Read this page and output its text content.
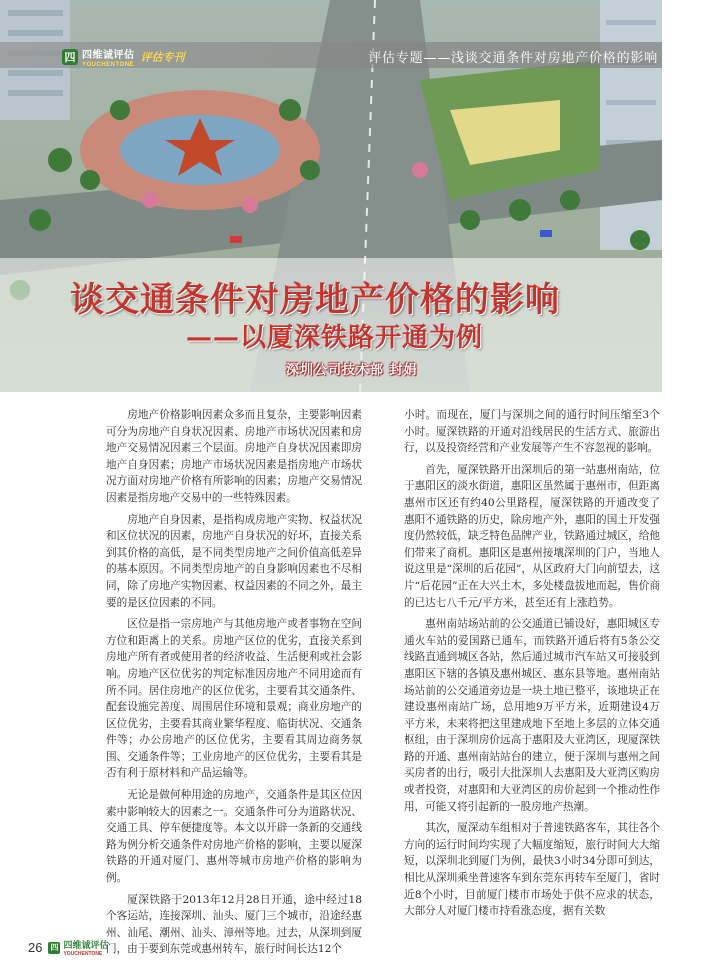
四 四维诚评估
YOUCHENTONE
评估专刊	评估专题——浅谈交通条件对房地产价格的影响
谈交通条件对房地产价格的影响
——以厦深铁路开通为例
深圳公司技术部 封娟

房地产价格影响因素众多而且复杂，主要影响因素可分为房地产自身状况因素、房地产市场状况因素和房地产交易情况因素三个层面。房地产自身状况因素即房地产自身因素；房地产市场状况因素是指房地产市场状况方面对房地产价格有所影响的因素；房地产交易情况因素是指房地产交易中的一些特殊因素。

房地产自身因素，是指构成房地产实物、权益状况和区位状况的因素，房地产自身状况的好坏，直接关系到其价格的高低，是不同类型房地产之间价值高低差异的基本原因。不同类型房地产的自身影响因素也不尽相同，除了房地产实物因素、权益因素的不同之外，最主要的是区位因素的不同。

区位是指一宗房地产与其他房地产或者事物在空间方位和距离上的关系。房地产区位的优劣，直接关系到房地产所有者或使用者的经济收益、生活便利或社会影响。房地产区位优劣的判定标准因房地产不同用途而有所不同。居住房地产的区位优劣，主要看其交通条件、配套设施完善度、周围居住环境和景观；商业房地产的区位优劣，主要看其商业繁华程度、临街状况、交通条件等；办公房地产的区位优劣，主要看其周边商务氛围、交通条件等；工业房地产的区位优劣，主要看其是否有利于原材料和产品运输等。

无论是做何种用途的房地产，交通条件是其区位因素中影响较大的因素之一。交通条件可分为道路状况、交通工具、停车便捷度等。本文以开辟一条新的交通线路为例分析交通条件对房地产价格的影响，主要以厦深铁路的开通对厦门、惠州等城市房地产价格的影响为例。

厦深铁路于2013年12月28日开通，途中经过18个客运站，连接深圳、汕头、厦门三个城市，沿途经惠州、汕尾、潮州、汕头、漳州等地。过去，从深圳到厦门，由于要到东莞或惠州转车，旅行时间长达12个

小时。而现在，厦门与深圳之间的通行时间压缩至3个小时。厦深铁路的开通对沿线居民的生活方式、旅游出行，以及投资经营和产业发展等产生不容忽视的影响。

首先，厦深铁路开出深圳后的第一站惠州南站，位于惠阳区的淡水街道，惠阳区虽然属于惠州市，但距离惠州市区还有约40公里路程，厦深铁路的开通改变了惠阳不通铁路的历史，除房地产外，惠阳的国土开发强度仍然较低，缺乏特色品牌产业，铁路通过城区，给他们带来了商机。惠阳区是惠州接壤深圳的门户，当地人说这里是“深圳的后花园”，从区政府大门向前望去，这片“后花园”正在大兴土木，多处楼盘拔地而起，售价商的已达七八千元/平方米，甚至还有上涨趋势。

惠州南站场站前的公交通道已铺设好，惠阳城区专通火车站的爱国路已通车，而铁路开通后将有5条公交线路直通到城区各站，然后通过城市汽车站又可接驳到惠阳区下辖的各镇及惠州城区、惠东县等地。惠州南站场站前的公交通道旁边是一块土地已整平，该地块正在建设惠州南站广场，总用地9万平方米，近期建设4万平方米，未来将把这里建成地下至地上多层的立体交通枢纽，由于深圳房价远高于惠阳及大亚湾区，现厦深铁路的开通、惠州南站站台的建立，便于深圳与惠州之间买房者的出行，吸引大批深圳人去惠阳及大亚湾区购房或者投资，对惠阳和大亚湾区的房价起到一个推动性作用，可能又将引起新的一股房地产热潮。

其次，厦深动车组相对于普速铁路客车，其往各个方向的运行时间均实现了大幅度缩短，旅行时间大大缩短，以深圳北到厦门为例，最快3小时34分即可到达，相比从深圳乘坐普速客车到东莞东再转车至厦门，省时近8个小时，目前厦门楼市市场处于供不应求的状态，大部分人对厦门楼市持看涨态度，据有关数

26 四 四维诚评估
YOUCHENTONE
